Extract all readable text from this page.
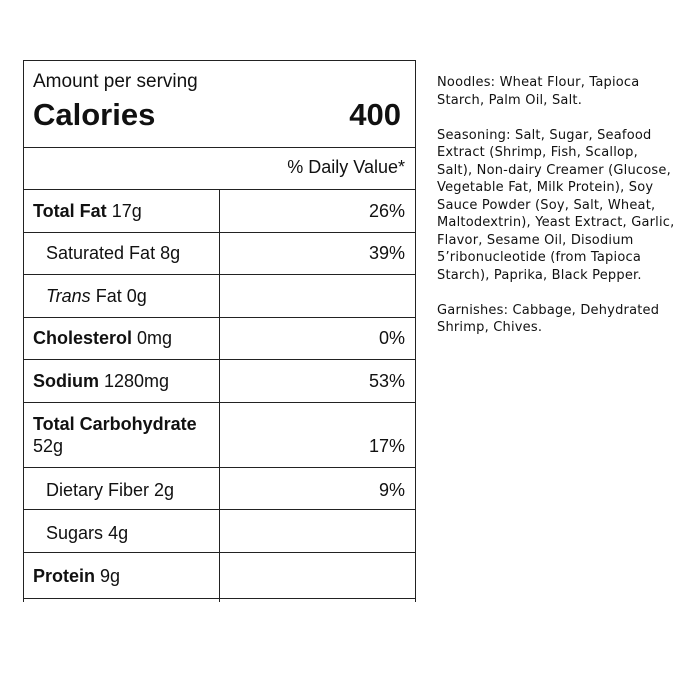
Amount per serving
Calories	400
% Daily Value*
Total Fat 17g	26%
Saturated Fat 8g	39%
Trans Fat 0g
Cholesterol 0mg	0%
Sodium 1280mg	53%
Total Carbohydrate
52g	17%
Dietary Fiber 2g	9%
Sugars 4g
Protein 9g

Noodles: Wheat Flour, Tapioca Starch, Palm Oil, Salt.

Seasoning: Salt, Sugar, Seafood Extract (Shrimp, Fish, Scallop, Salt), Non-dairy Creamer (Glucose, Vegetable Fat, Milk Protein), Soy Sauce Powder (Soy, Salt, Wheat, Maltodextrin), Yeast Extract, Garlic, Flavor, Sesame Oil, Disodium 5’ribonucleotide (from Tapioca Starch), Paprika, Black Pepper.

Garnishes: Cabbage, Dehydrated Shrimp, Chives.
